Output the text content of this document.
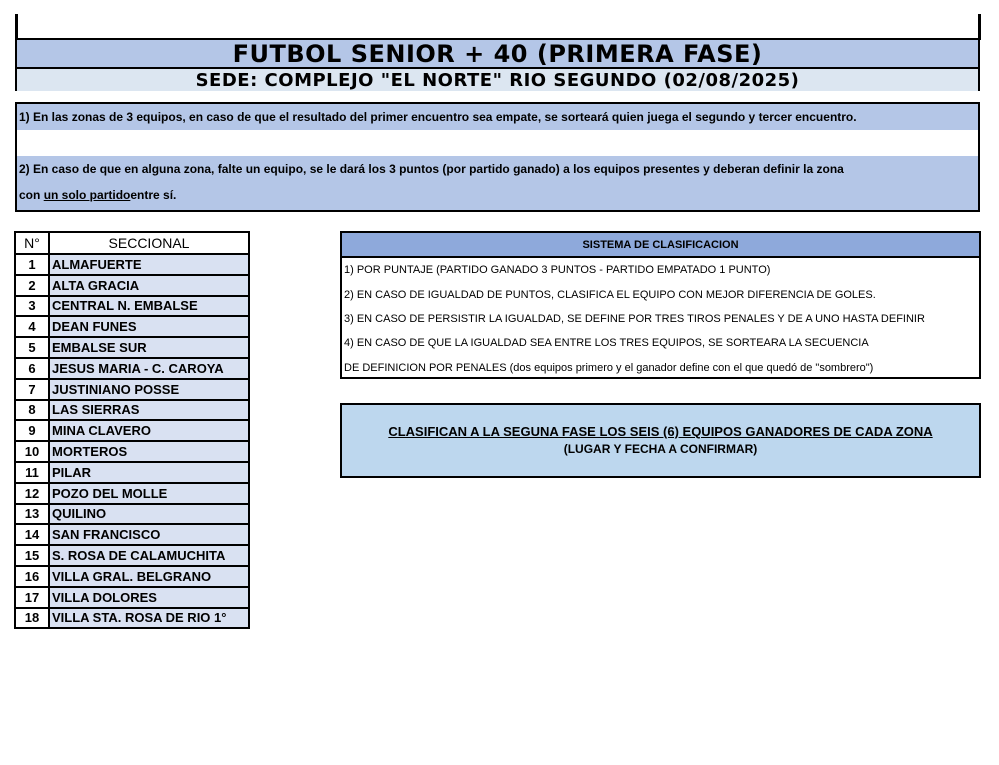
FUTBOL SENIOR + 40 (PRIMERA FASE)
SEDE: COMPLEJO "EL NORTE" RIO SEGUNDO (02/08/2025)
1) En las zonas de 3 equipos, en caso de que el resultado del primer encuentro sea empate, se sorteará quien juega el segundo y tercer encuentro.
2) En caso de que en alguna zona, falte un equipo, se le dará los 3 puntos (por partido ganado) a los equipos presentes y deberan definir la zona
con
un solo partido entre sí.
N°	SECCIONAL
1	ALMAFUERTE
2	ALTA GRACIA
3	CENTRAL N. EMBALSE
4	DEAN FUNES
5	EMBALSE SUR
6	JESUS MARIA - C. CAROYA
7	JUSTINIANO POSSE
8	LAS SIERRAS
9	MINA CLAVERO
10	MORTEROS
11	PILAR
12	POZO DEL MOLLE
13	QUILINO
14	SAN FRANCISCO
15	S. ROSA DE CALAMUCHITA
16	VILLA GRAL. BELGRANO
17	VILLA DOLORES
18	VILLA STA. ROSA DE RIO 1°
SISTEMA DE CLASIFICACION
1) POR PUNTAJE (PARTIDO GANADO 3 PUNTOS - PARTIDO EMPATADO 1 PUNTO)
2) EN CASO DE IGUALDAD DE PUNTOS, CLASIFICA EL EQUIPO CON MEJOR DIFERENCIA DE GOLES.
3) EN CASO DE PERSISTIR LA IGUALDAD, SE DEFINE POR TRES TIROS PENALES Y DE A UNO HASTA DEFINIR
4) EN CASO DE QUE LA IGUALDAD SEA ENTRE LOS TRES EQUIPOS, SE SORTEARA LA SECUENCIA
DE DEFINICION POR PENALES (dos equipos primero y el ganador define con el que quedó de "sombrero")
CLASIFICAN A LA SEGUNA FASE LOS SEIS (6) EQUIPOS GANADORES DE CADA ZONA
(LUGAR Y FECHA A CONFIRMAR)
